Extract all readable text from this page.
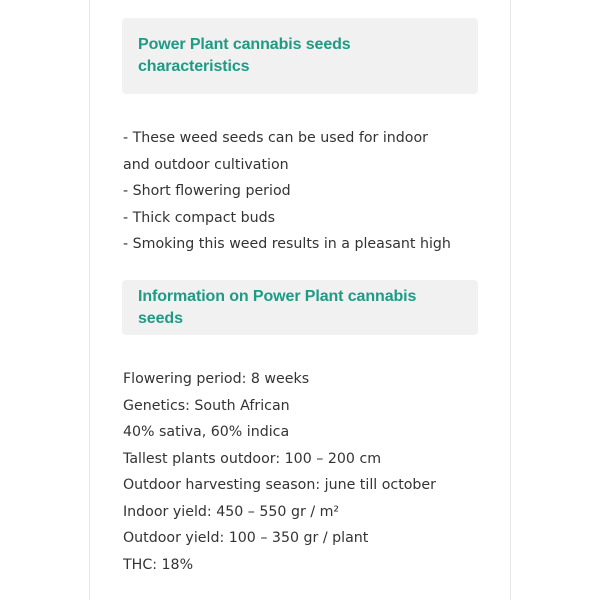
Power Plant cannabis seeds characteristics

- These weed seeds can be used for indoor

and outdoor cultivation

- Short flowering period

- Thick compact buds

- Smoking this weed results in a pleasant high

Information on Power Plant cannabis seeds

Flowering period: 8 weeks

Genetics: South African

40% sativa, 60% indica

Tallest plants outdoor: 100 – 200 cm

Outdoor harvesting season: june till october

Indoor yield: 450 – 550 gr / m²

Outdoor yield: 100 – 350 gr / plant

THC: 18%
